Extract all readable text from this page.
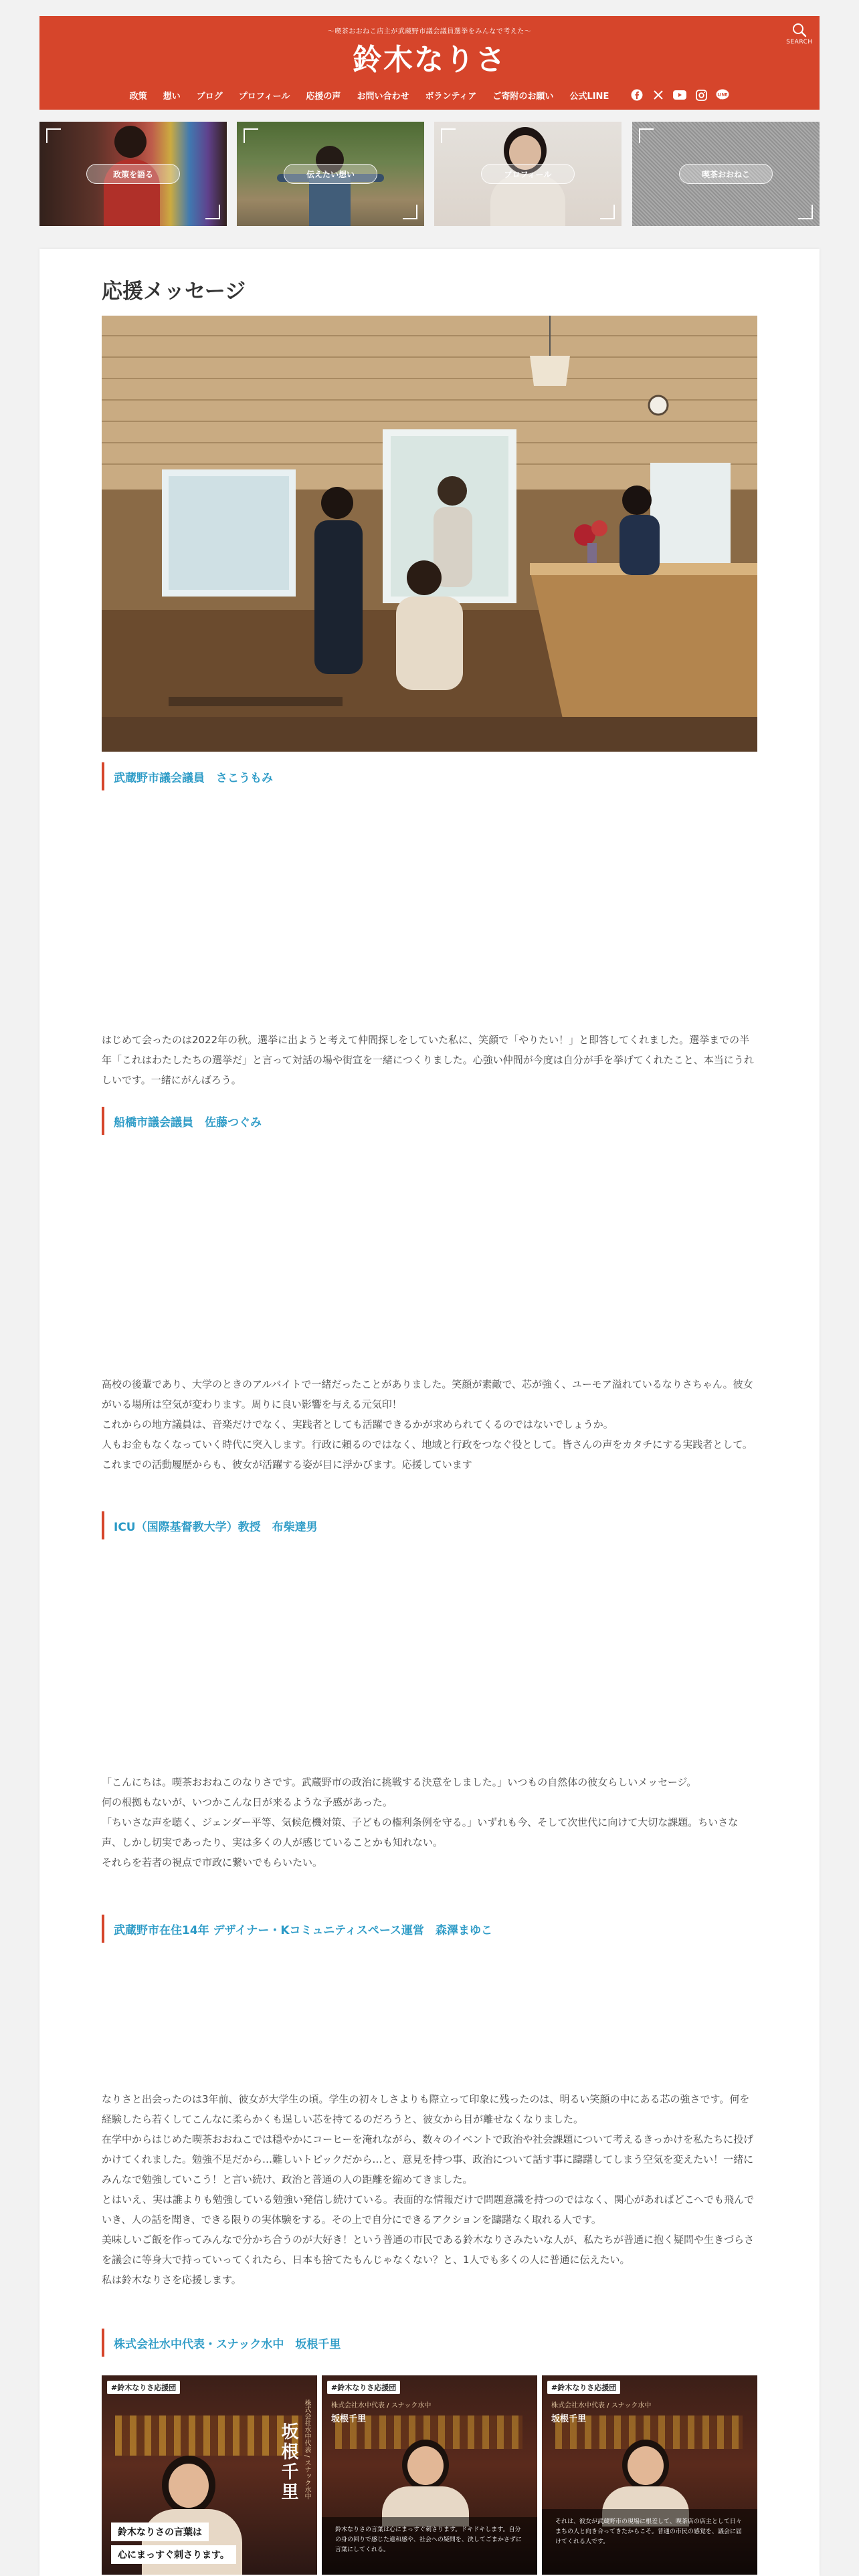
〜喫茶おおねこ店主が武蔵野市議会議員選挙をみんなで考えた〜
鈴木なりさ
SEARCH
政策 想い ブログ プロフィール 応援の声 お問い合わせ ボランティア ご寄附のお願い 公式LINE	LINE
政策を語る	伝えたい想い	プロフィール	喫茶おおねこ
応援メッセージ
武蔵野市議会議員　さこうもみ

はじめて会ったのは2022年の秋。選挙に出ようと考えて仲間探しをしていた私に、笑顔で「やりたい！」と即答してくれました。選挙までの半年「これはわたしたちの選挙だ」と言って対話の場や街宣を一緒につくりました。心強い仲間が今度は自分が手を挙げてくれたこと、本当にうれしいです。一緒にがんばろう。

船橋市議会議員　佐藤つぐみ

高校の後輩であり、大学のときのアルバイトで一緒だったことがありました。笑顔が素敵で、芯が強く、ユーモア溢れているなりさちゃん。彼女がいる場所は空気が変わります。周りに良い影響を与える元気印！
これからの地方議員は、音楽だけでなく、実践者としても活躍できるかが求められてくるのではないでしょうか。
人もお金もなくなっていく時代に突入します。行政に頼るのではなく、地域と行政をつなぐ役として。皆さんの声をカタチにする実践者として。
これまでの活動履歴からも、彼女が活躍する姿が目に浮かびます。応援しています

ICU（国際基督教大学）教授　布柴達男

「こんにちは。喫茶おおねこのなりさです。武蔵野市の政治に挑戦する決意をしました。」いつもの自然体の彼女らしいメッセージ。
何の根拠もないが、いつかこんな日が来るような予感があった。
「ちいさな声を聴く、ジェンダー平等、気候危機対策、子どもの権利条例を守る。」いずれも今、そして次世代に向けて大切な課題。ちいさな声、しかし切実であったり、実は多くの人が感じていることかも知れない。
それらを若者の視点で市政に繋いでもらいたい。

武蔵野市在住14年 デザイナー・Kコミュニティスペース運営　森澤まゆこ

なりさと出会ったのは3年前、彼女が大学生の頃。学生の初々しさよりも際立って印象に残ったのは、明るい笑顔の中にある芯の強さです。何を経験したら若くしてこんなに柔らかくも逞しい芯を持てるのだろうと、彼女から目が離せなくなりました。
在学中からはじめた喫茶おおねこでは穏やかにコーヒーを淹れながら、数々のイベントで政治や社会課題について考えるきっかけを私たちに投げかけてくれました。勉強不足だから…難しいトピックだから…と、意見を持つ事、政治について話す事に躊躇してしまう空気を変えたい！一緒にみんなで勉強していこう！と言い続け、政治と普通の人の距離を縮めてきました。
とはいえ、実は誰よりも勉強している勉強い発信し続けている。表面的な情報だけで問題意識を持つのではなく、関心があればどこへでも飛んでいき、人の話を聞き、できる限りの実体験をする。その上で自分にできるアクションを躊躇なく取れる人です。
美味しいご飯を作ってみんなで分かち合うのが大好き！という普通の市民である鈴木なりさみたいな人が、私たちが普通に抱く疑問や生きづらさを議会に等身大で持っていってくれたら、日本も捨てたもんじゃなくない？と、1人でも多くの人に普通に伝えたい。
私は鈴木なりさを応援します。

株式会社水中代表・スナック水中　坂根千里
#鈴木なりさ応援団
株式会社水中代表 / スナック水中
坂根千里
鈴木なりさの言葉は
心にまっすぐ刺さります。
#鈴木なりさ応援団
株式会社水中代表 / スナック水中
坂根千里

鈴木なりさの言葉は心にまっすぐ刺さります。ドキドキします。自分の身の回りで感じた違和感や、社会への疑問を、決してごまかさずに言葉にしてくれる。

#鈴木なりさ応援団
株式会社水中代表 / スナック水中
坂根千里

それは、彼女が武蔵野市の現場に根差して、喫茶店の店主として日々まちの人と向き合ってきたからこそ。普通の市民の感覚を、議会に届けてくれる人です。
